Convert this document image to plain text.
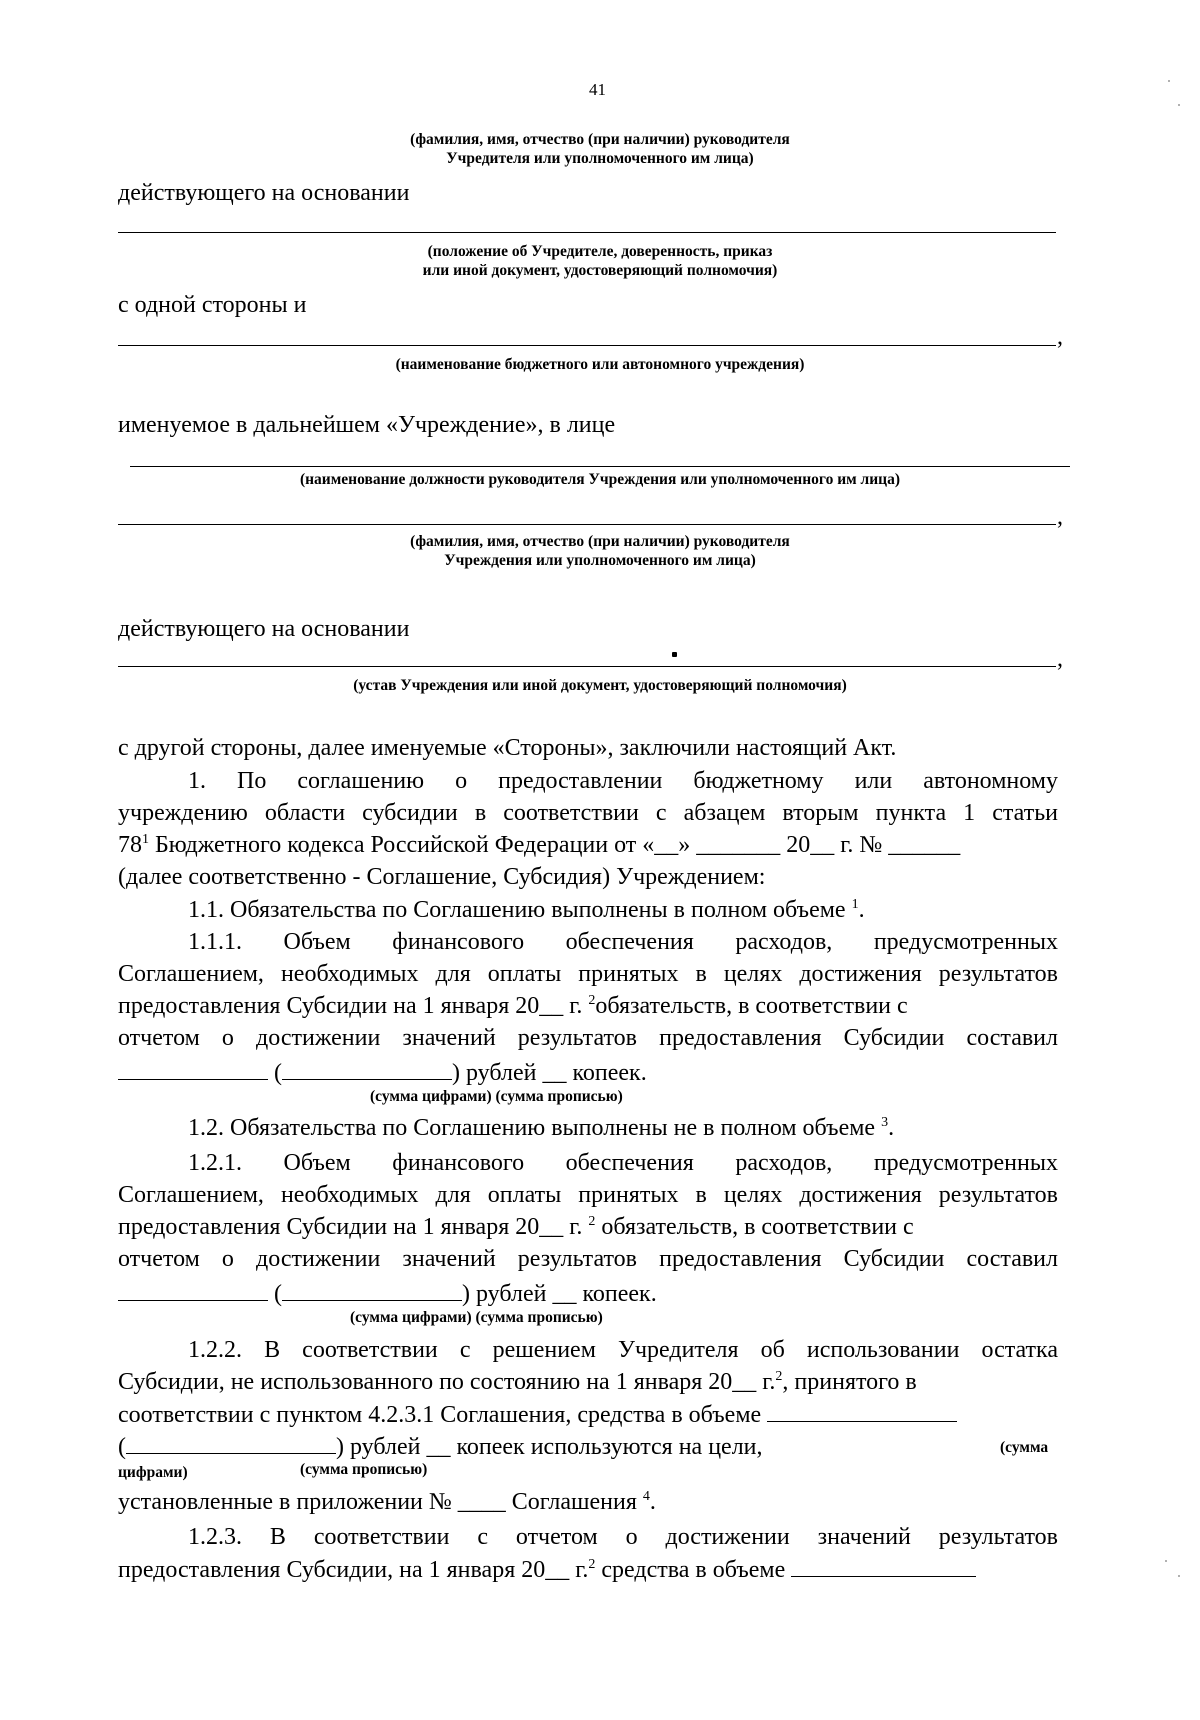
41
(фамилия, имя, отчество (при наличии) руководителя
Учредителя или уполномоченного им лица)
действующего на основании
(положение об Учредителе, доверенность, приказ
или иной документ, удостоверяющий полномочия)
с одной стороны и
,
(наименование бюджетного или автономного учреждения)
именуемое в дальнейшем «Учреждение», в лице
(наименование должности руководителя Учреждения или уполномоченного им лица)
,
(фамилия, имя, отчество (при наличии) руководителя
Учреждения или уполномоченного им лица)
действующего на основании
,
(устав Учреждения или иной документ, удостоверяющий полномочия)
с другой стороны, далее именуемые «Стороны», заключили настоящий Акт.
1. По соглашению о предоставлении бюджетному или автономному
учреждению области субсидии в соответствии с абзацем вторым пункта 1 статьи
$78^1$ Бюджетного кодекса Российской Федерации от «__» _______ 20__ г. № ______
(далее соответственно - Соглашение, Субсидия) Учреждением:
1.1. Обязательства по Соглашению выполнены в полном объеме $^1$.
1.1.1. Объем финансового обеспечения расходов, предусмотренных
Соглашением, необходимых для оплаты принятых в целях достижения результатов
предоставления Субсидии на 1 января 20__ г. $^2$обязательств, в соответствии с
отчетом о достижении значений результатов предоставления Субсидии составил
(	) рублей __ копеек.
(сумма цифрами) (сумма прописью)
1.2. Обязательства по Соглашению выполнены не в полном объеме $^3$.
1.2.1. Объем финансового обеспечения расходов, предусмотренных
Соглашением, необходимых для оплаты принятых в целях достижения результатов
предоставления Субсидии на 1 января 20__ г. $^2$ обязательств, в соответствии с
отчетом о достижении значений результатов предоставления Субсидии составил
(	) рублей __ копеек.
(сумма цифрами) (сумма прописью)
1.2.2. В соответствии с решением Учредителя об использовании остатка
Субсидии, не использованного по состоянию на 1 января 20__ г.$^2$, принятого в
соответствии с пунктом 4.2.3.1 Соглашения, средства в объеме
(	) рублей __ копеек используются на цели,	(сумма
цифрами)	(сумма прописью)
установленные в приложении № ____ Соглашения $^4$.
1.2.3. В соответствии с отчетом о достижении значений результатов
предоставления Субсидии, на 1 января 20__ г.$^2$ средства в объеме
